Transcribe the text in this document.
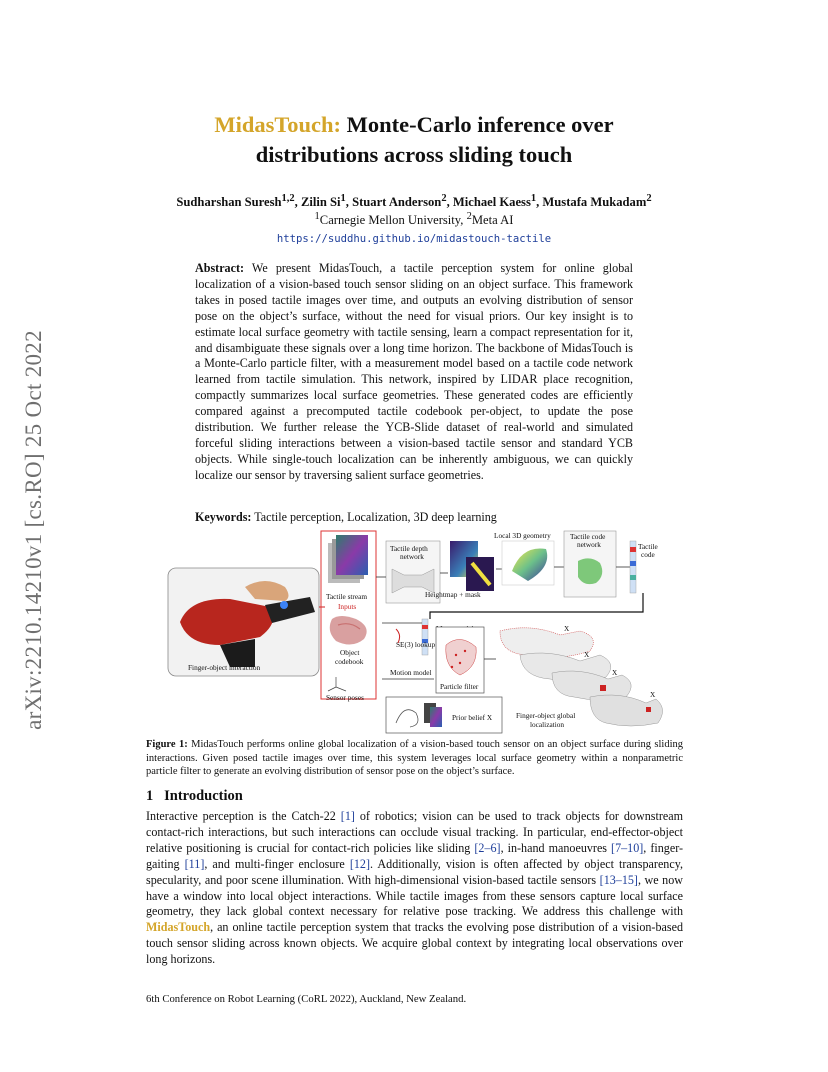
arXiv:2210.14210v1 [cs.RO] 25 Oct 2022
MidasTouch: Monte-Carlo inference over
distributions across sliding touch
Sudharshan Suresh$^{1,2}$, Zilin Si$^1$, Stuart Anderson$^2$, Michael Kaess$^1$, Mustafa Mukadam$^2$
$^1$Carnegie Mellon University, $^2$Meta AI
https://suddhu.github.io/midastouch-tactile
Abstract: We present MidasTouch, a tactile perception system for online global localization of a vision-based touch sensor sliding on an object surface. This framework takes in posed tactile images over time, and outputs an evolving distribution of sensor pose on the object’s surface, without the need for visual priors. Our key insight is to estimate local surface geometry with tactile sensing, learn a compact representation for it, and disambiguate these signals over a long time horizon. The backbone of MidasTouch is a Monte-Carlo particle filter, with a measurement model based on a tactile code network learned from tactile simulation. This network, inspired by LIDAR place recognition, compactly summarizes local surface geometries. These generated codes are efficiently compared against a precomputed tactile codebook per-object, to update the pose distribution. We further release the YCB-Slide dataset of real-world and simulated forceful sliding interactions between a vision-based tactile sensor and standard YCB objects. While single-touch localization can be inherently ambiguous, we can quickly localize our sensor by traversing salient surface geometries.
Keywords: Tactile perception, Localization, 3D deep learning
Finger-object interaction
Tactile stream
Inputs
Object
codebook
Sensor poses
Tactile depth
network
Heightmap + mask
Local 3D geometry	Tactile code
network	Tactile
code
SE(3) lookup
Motion model
Particle filter
Prior belief X
X
X
X
X
Finger-object global
localization
Figure 1: MidasTouch performs online global localization of a vision-based touch sensor on an object surface during sliding interactions. Given posed tactile images over time, this system leverages local surface geometry within a nonparametric particle filter to generate an evolving distribution of sensor pose on the object’s surface.
1 Introduction
Interactive perception is the Catch-22 [1] of robotics; vision can be used to track objects for downstream contact-rich interactions, but such interactions can occlude visual tracking. In particular, end-effector-object relative positioning is crucial for contact-rich policies like sliding [2–6], in-hand manoeuvres [7–10], finger-gaiting [11], and multi-finger enclosure [12]. Additionally, vision is often affected by object transparency, specularity, and poor scene illumination. With high-dimensional vision-based tactile sensors [13–15], we now have a window into local object interactions. While tactile images from these sensors capture local surface geometry, they lack global context necessary for relative pose tracking. We address this challenge with MidasTouch, an online tactile perception system that tracks the evolving pose distribution of a vision-based touch sensor sliding across known objects. We acquire global context by integrating local observations over long horizons.
6th Conference on Robot Learning (CoRL 2022), Auckland, New Zealand.
